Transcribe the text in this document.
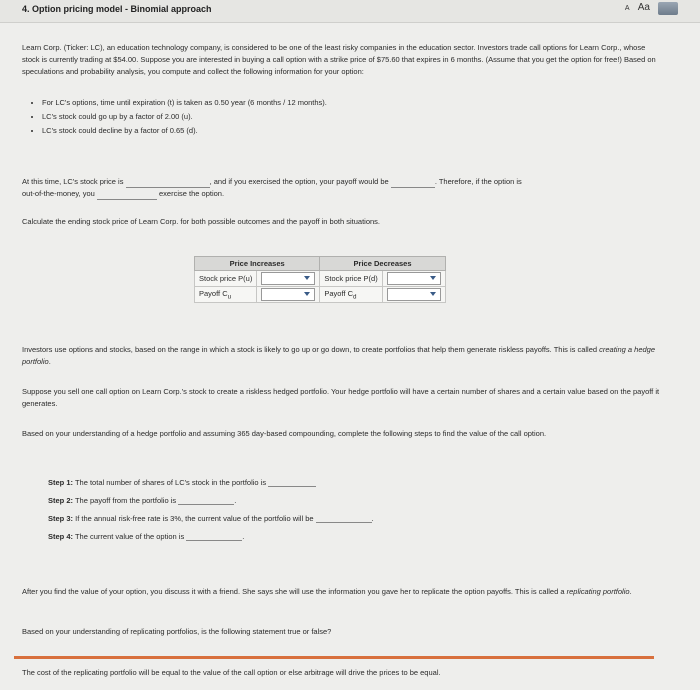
4. Option pricing model - Binomial approach	A Aa
Learn Corp. (Ticker: LC), an education technology company, is considered to be one of the least risky companies in the education sector. Investors trade call options for Learn Corp., whose stock is currently trading at $54.00. Suppose you are interested in buying a call option with a strike price of $75.60 that expires in 6 months. (Assume that you get the option for free!) Based on speculations and probability analysis, you compute and collect the following information for your option:
• For LC's options, time until expiration (t) is taken as 0.50 year (6 months / 12 months).
• LC's stock could go up by a factor of 2.00 (u).
• LC's stock could decline by a factor of 0.65 (d).
At this time, LC's stock price is	, and if you exercised the option, your payoff would be	. Therefore, if the option is
out-of-the-money, you	exercise the option.
Calculate the ending stock price of Learn Corp. for both possible outcomes and the payoff in both situations.
Price Increases		Price Decreases	
Stock price P(u)		Stock price P(d)	
Payoff $C_u$		Payoff $C_d$	
Investors use options and stocks, based on the range in which a stock is likely to go up or go down, to create portfolios that help them generate riskless payoffs. This is called creating a hedge portfolio.
Suppose you sell one call option on Learn Corp.'s stock to create a riskless hedged portfolio. Your hedge portfolio will have a certain number of shares and a certain value based on the payoff it generates.
Based on your understanding of a hedge portfolio and assuming 365 day-based compounding, complete the following steps to find the value of the call option.
Step 1: The total number of shares of LC's stock in the portfolio is
Step 2: The payoff from the portfolio is	.
Step 3: If the annual risk-free rate is 3%, the current value of the portfolio will be	.
Step 4: The current value of the option is	.
After you find the value of your option, you discuss it with a friend. She says she will use the information you gave her to replicate the option payoffs. This is called a replicating portfolio.
Based on your understanding of replicating portfolios, is the following statement true or false?
The cost of the replicating portfolio will be equal to the value of the call option or else arbitrage will drive the prices to be equal.
